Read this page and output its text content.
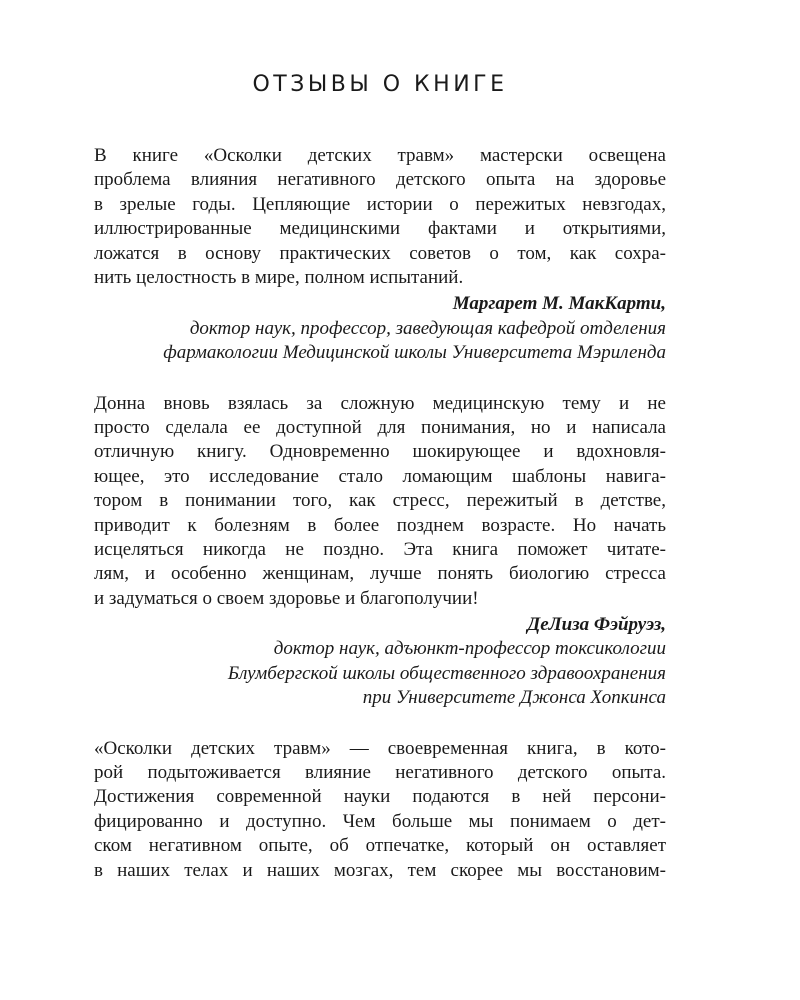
ОТЗЫВЫ О КНИГЕ
В книге «Осколки детских травм» мастерски освещена
проблема влияния негативного детского опыта на здоровье
в зрелые годы. Цепляющие истории о пережитых невзгодах,
иллюстрированные медицинскими фактами и открытиями,
ложатся в основу практических советов о том, как сохра-
нить целостность в мире, полном испытаний.
Маргарет М. МакКарти,
доктор наук, профессор, заведующая кафедрой отделения
фармакологии Медицинской школы Университета Мэриленда
Донна вновь взялась за сложную медицинскую тему и не
просто сделала ее доступной для понимания, но и написала
отличную книгу. Одновременно шокирующее и вдохновля-
ющее, это исследование стало ломающим шаблоны навига-
тором в понимании того, как стресс, пережитый в детстве,
приводит к болезням в более позднем возрасте. Но начать
исцеляться никогда не поздно. Эта книга поможет читате-
лям, и особенно женщинам, лучше понять биологию стресса
и задуматься о своем здоровье и благополучии!
ДеЛиза Фэйруэз,
доктор наук, адъюнкт-профессор токсикологии
Блумбергской школы общественного здравоохранения
при Университете Джонса Хопкинса
«Осколки детских травм» — своевременная книга, в кото-
рой подытоживается влияние негативного детского опыта.
Достижения современной науки подаются в ней персони-
фицированно и доступно. Чем больше мы понимаем о дет-
ском негативном опыте, об отпечатке, который он оставляет
в наших телах и наших мозгах, тем скорее мы восстановим-
